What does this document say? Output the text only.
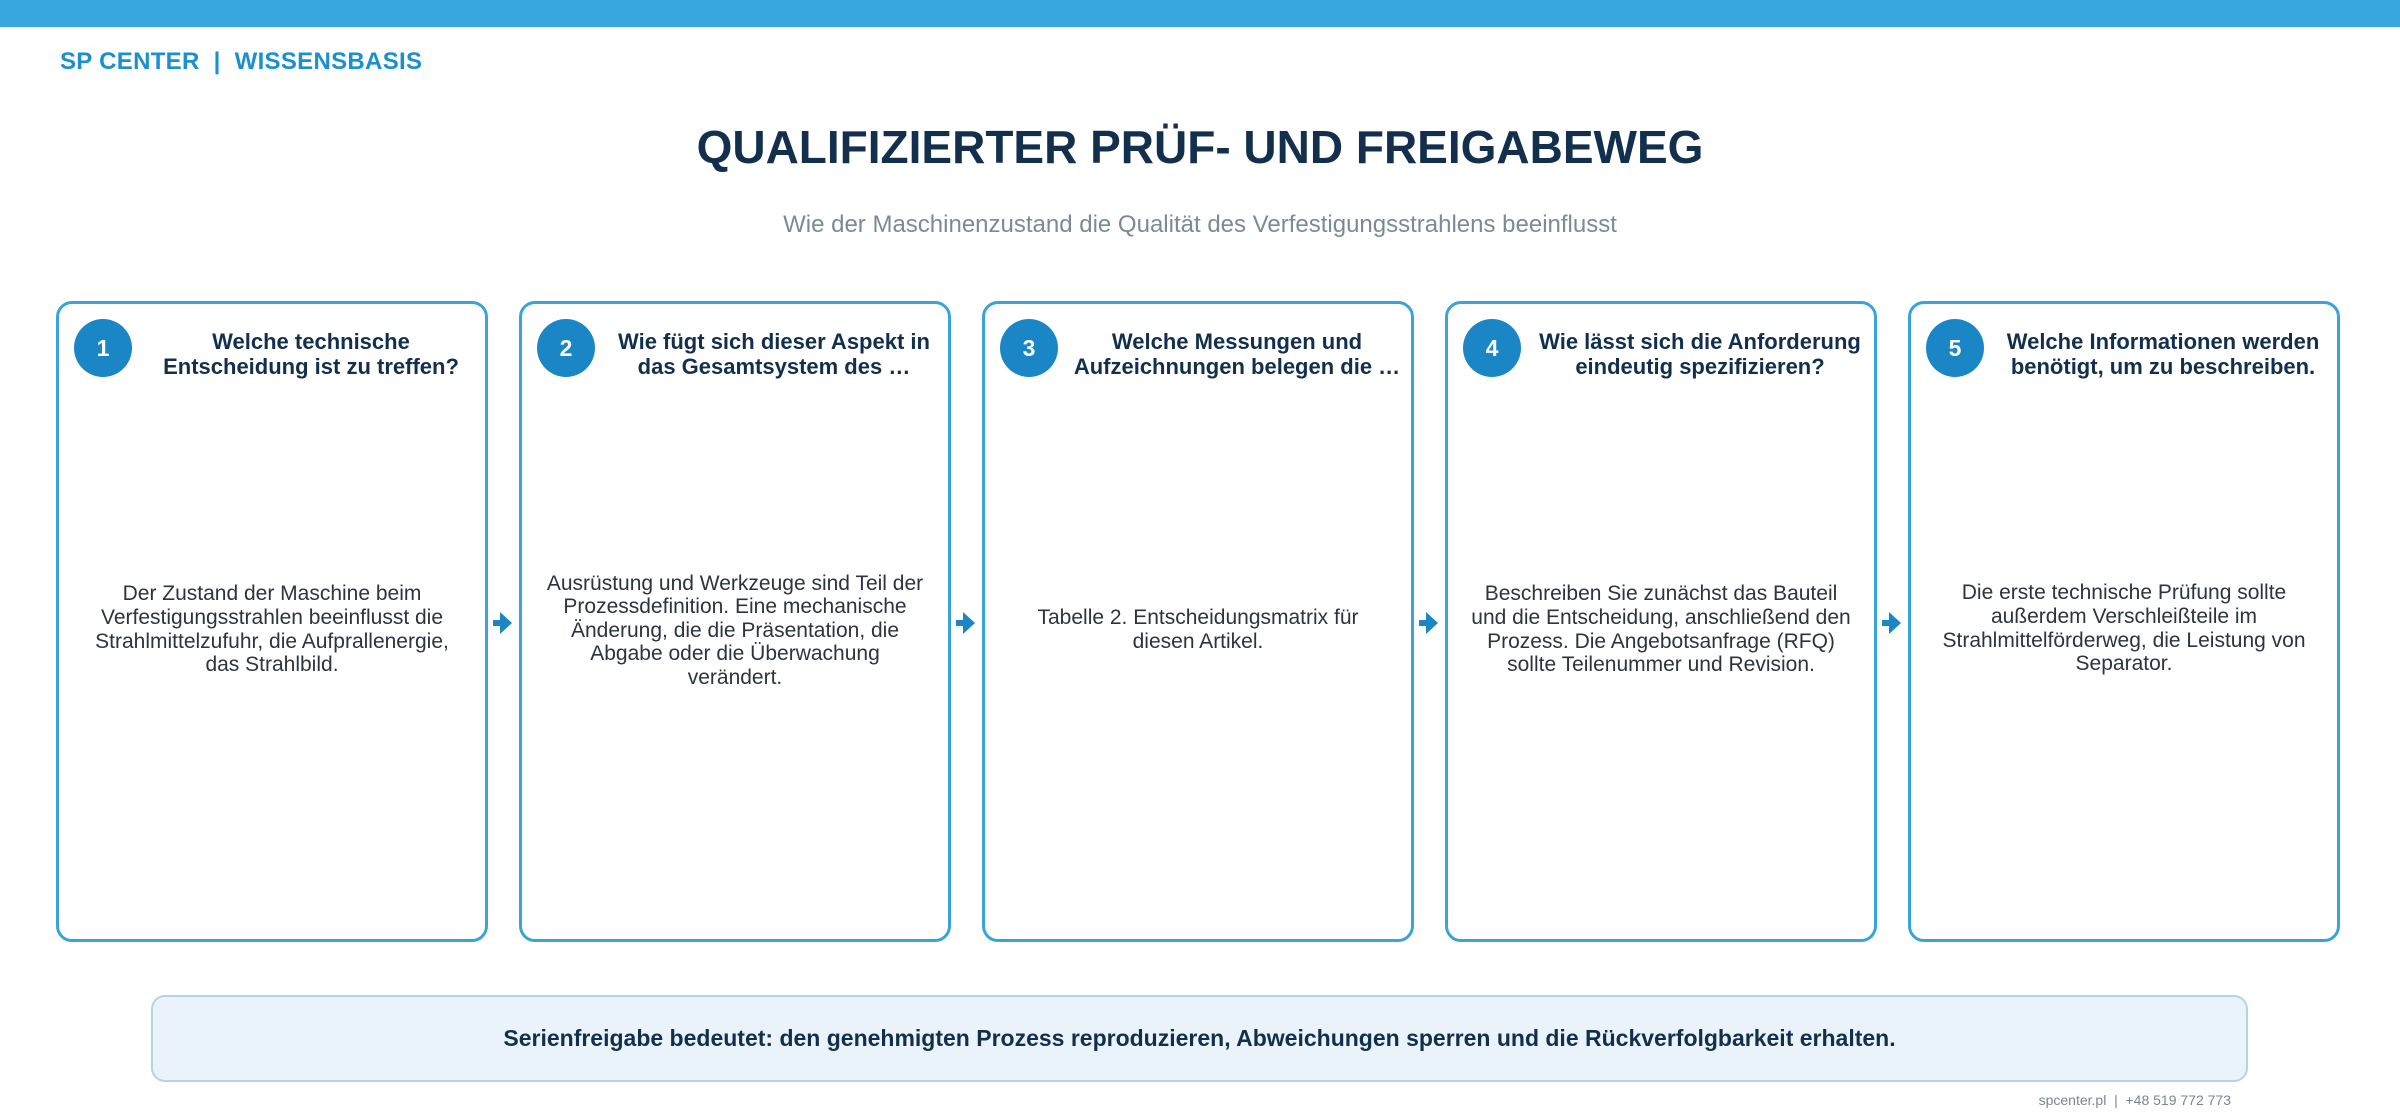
SP CENTER | WISSENSBASIS
QUALIFIZIERTER PRÜF- UND FREIGABEWEG
Wie der Maschinenzustand die Qualität des Verfestigungsstrahlens beeinflusst
1	Welche technische Entscheidung ist zu treffen?
Der Zustand der Maschine beim Verfestigungsstrahlen beeinflusst die Strahlmittelzufuhr, die Aufprallenergie, das Strahlbild.
2	Wie fügt sich dieser Aspekt in das Gesamtsystem des …
Ausrüstung und Werkzeuge sind Teil der Prozessdefinition. Eine mechanische Änderung, die die Präsentation, die Abgabe oder die Überwachung verändert.
3	Welche Messungen und Aufzeichnungen belegen die …
Tabelle 2. Entscheidungsmatrix für diesen Artikel.
4	Wie lässt sich die Anforderung eindeutig spezifizieren?
Beschreiben Sie zunächst das Bauteil und die Entscheidung, anschließend den Prozess. Die Angebotsanfrage (RFQ) sollte Teilenummer und Revision.
5	Welche Informationen werden benötigt, um zu beschreiben.
Die erste technische Prüfung sollte außerdem Verschleißteile im Strahlmittelförderweg, die Leistung von Separator.
Serienfreigabe bedeutet: den genehmigten Prozess reproduzieren, Abweichungen sperren und die Rückverfolgbarkeit erhalten.
spcenter.pl  |  +48 519 772 773
